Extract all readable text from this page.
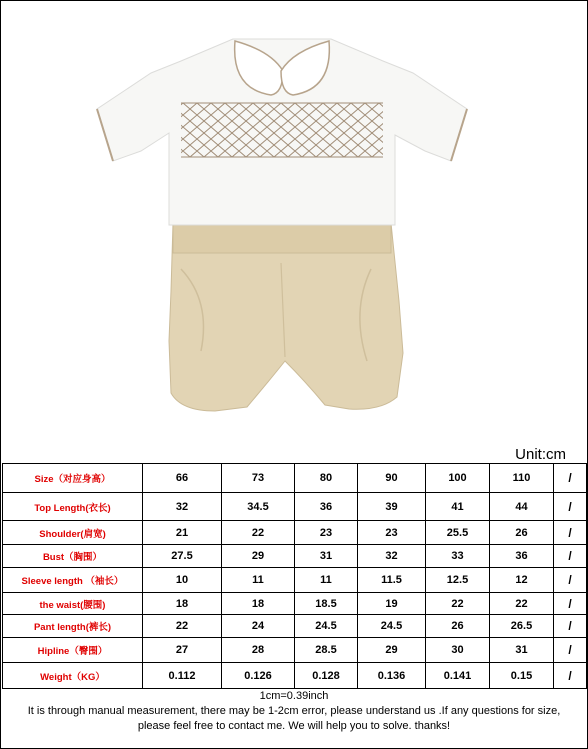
Unit:cm
Size（对应身高）	66	73	80	90	100	110	/
Top Length(衣长)	32	34.5	36	39	41	44	/
Shoulder(肩宽)	21	22	23	23	25.5	26	/
Bust（胸围）	27.5	29	31	32	33	36	/
Sleeve length （袖长）	10	11	11	11.5	12.5	12	/
the waist(腰围)	18	18	18.5	19	22	22	/
Pant length(裤长)	22	24	24.5	24.5	26	26.5	/
Hipline（臀围）	27	28	28.5	29	30	31	/
Weight（KG）	0.112	0.126	0.128	0.136	0.141	0.15	/
1cm=0.39inch
It is through manual measurement, there may be 1-2cm error, please understand us .If any questions for size,
please feel free to contact me. We will help you to solve. thanks!
